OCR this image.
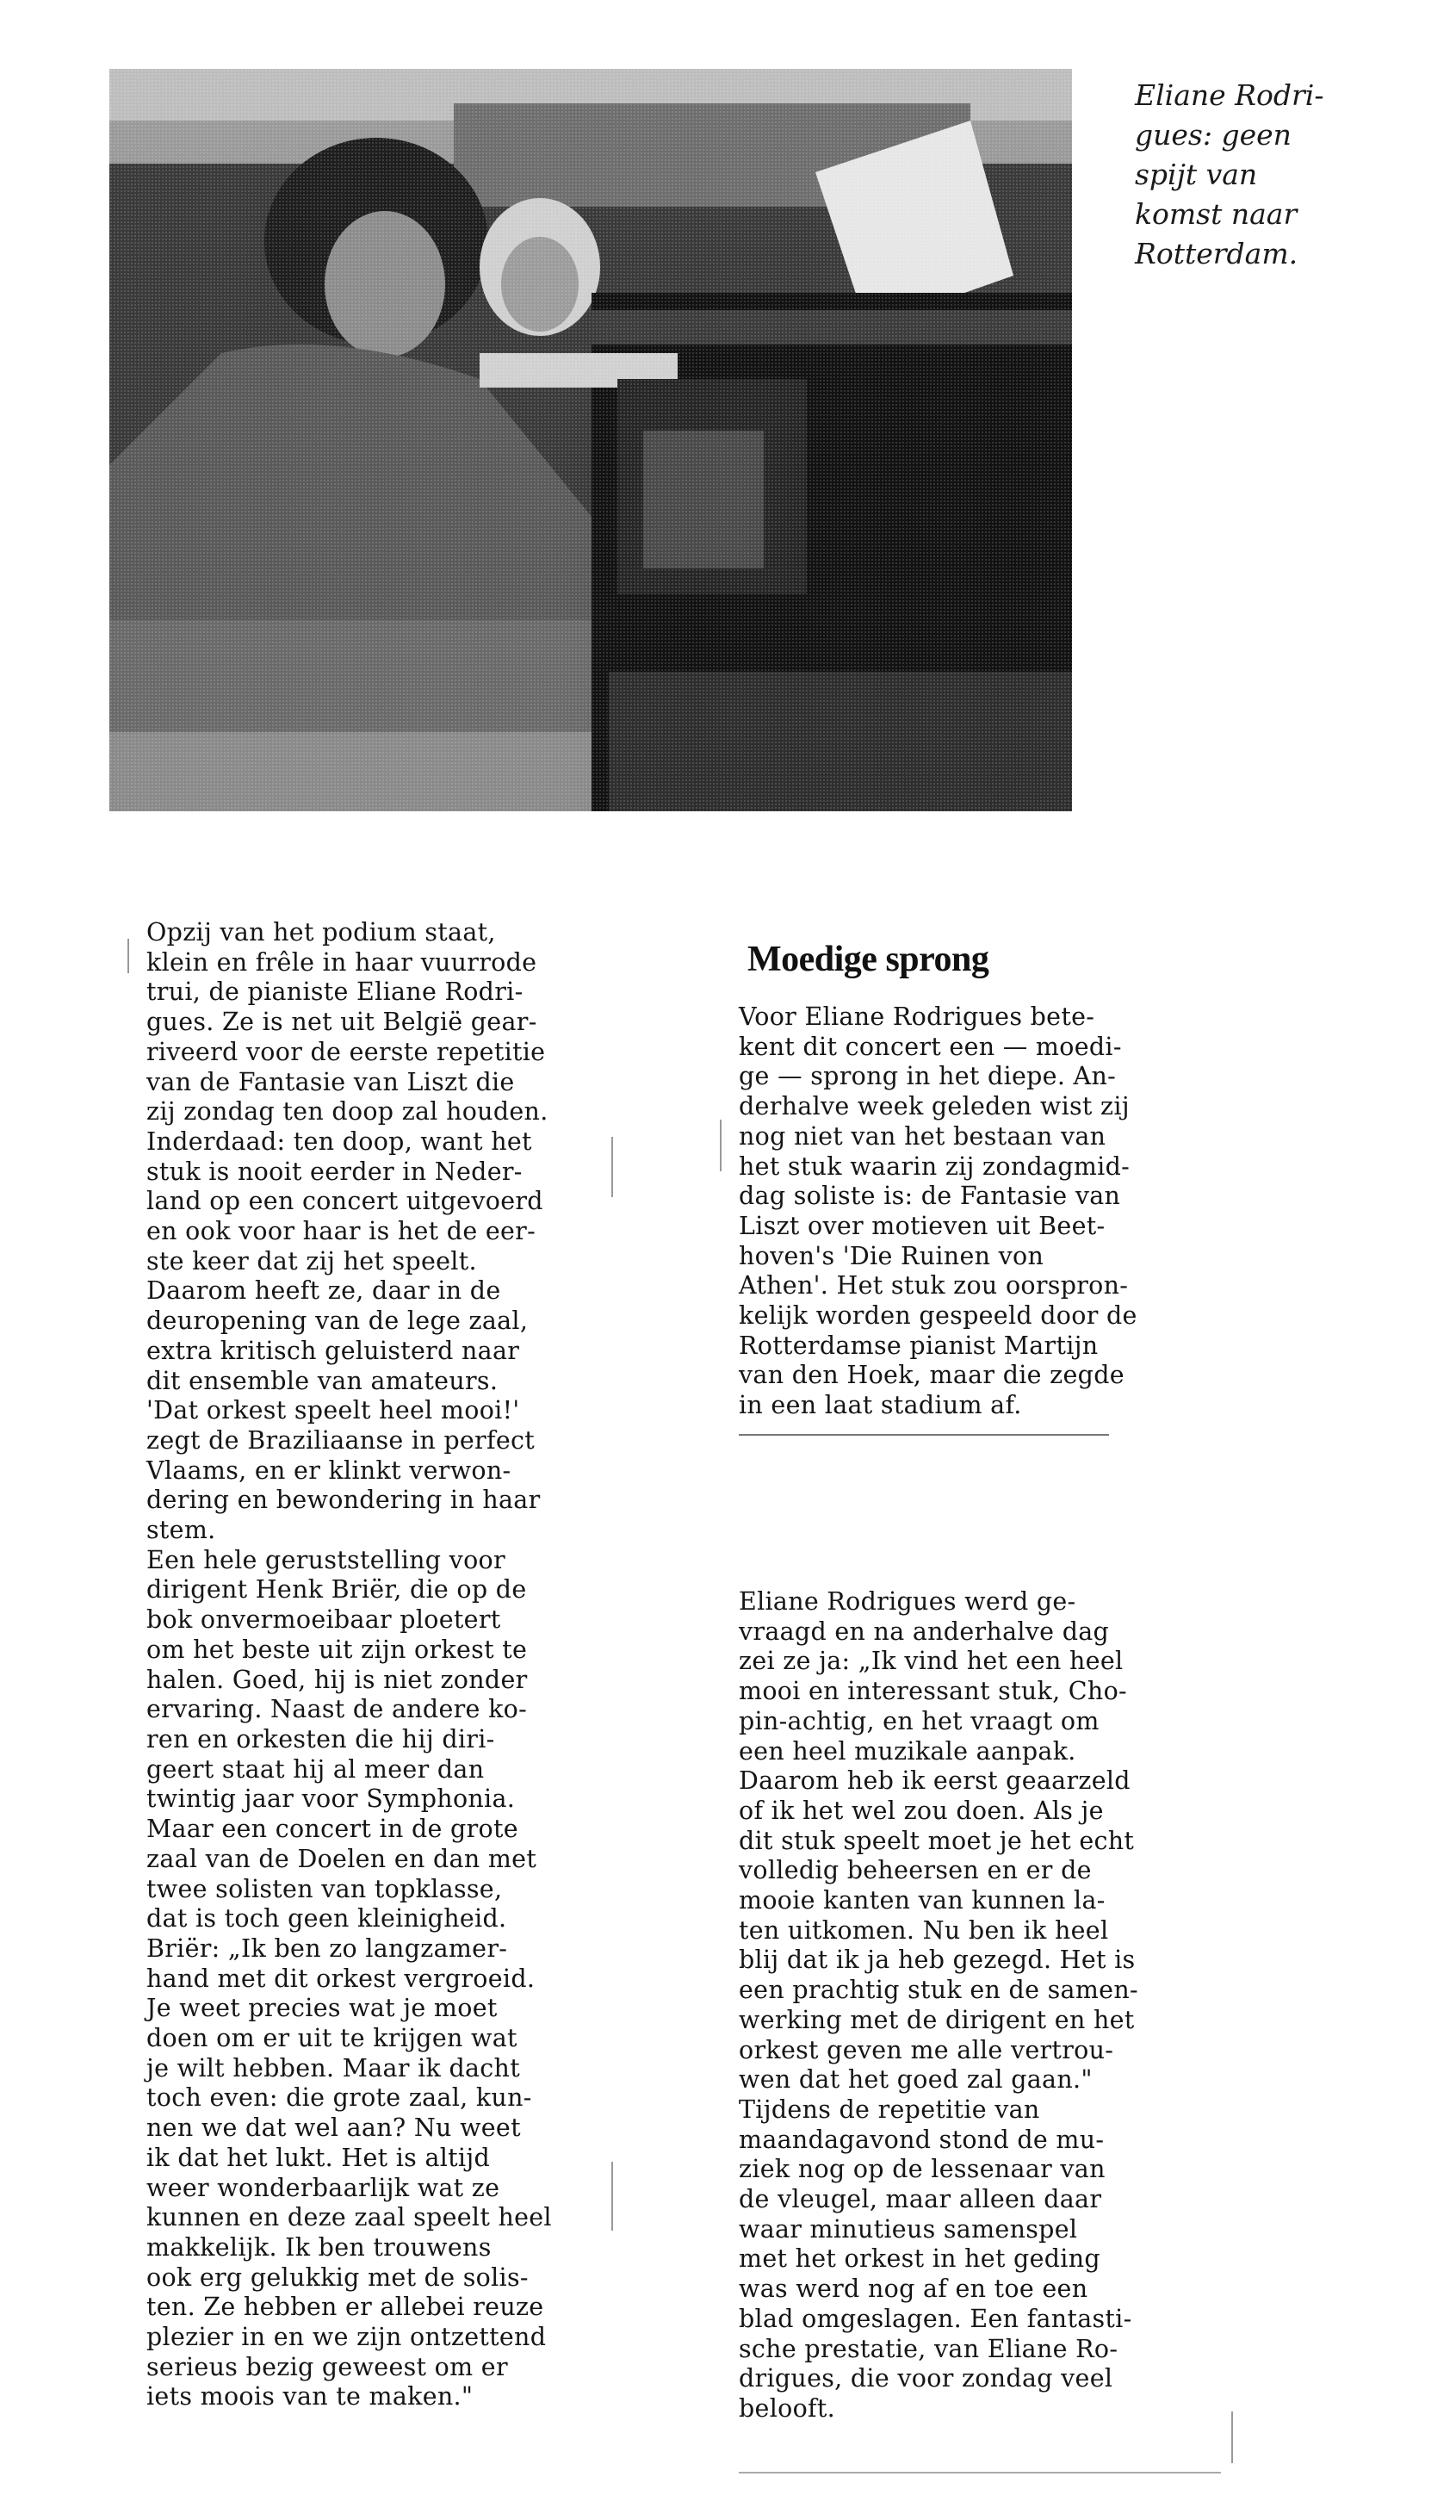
Eliane Rodri-
gues: geen
spijt van
komst naar
Rotterdam.
Opzij van het podium staat,
klein en frêle in haar vuurrode
trui, de pianiste Eliane Rodri-
gues. Ze is net uit België gear-
riveerd voor de eerste repetitie
van de Fantasie van Liszt die
zij zondag ten doop zal houden.
Inderdaad: ten doop, want het
stuk is nooit eerder in Neder-
land op een concert uitgevoerd
en ook voor haar is het de eer-
ste keer dat zij het speelt.
Daarom heeft ze, daar in de
deuropening van de lege zaal,
extra kritisch geluisterd naar
dit ensemble van amateurs.
'Dat orkest speelt heel mooi!'
zegt de Braziliaanse in perfect
Vlaams, en er klinkt verwon-
dering en bewondering in haar
stem.
Een hele geruststelling voor
dirigent Henk Briër, die op de
bok onvermoeibaar ploetert
om het beste uit zijn orkest te
halen. Goed, hij is niet zonder
ervaring. Naast de andere ko-
ren en orkesten die hij diri-
geert staat hij al meer dan
twintig jaar voor Symphonia.
Maar een concert in de grote
zaal van de Doelen en dan met
twee solisten van topklasse,
dat is toch geen kleinigheid.
Briër: „Ik ben zo langzamer-
hand met dit orkest vergroeid.
Je weet precies wat je moet
doen om er uit te krijgen wat
je wilt hebben. Maar ik dacht
toch even: die grote zaal, kun-
nen we dat wel aan? Nu weet
ik dat het lukt. Het is altijd
weer wonderbaarlijk wat ze
kunnen en deze zaal speelt heel
makkelijk. Ik ben trouwens
ook erg gelukkig met de solis-
ten. Ze hebben er allebei reuze
plezier in en we zijn ontzettend
serieus bezig geweest om er
iets moois van te maken."
Moedige sprong
Voor Eliane Rodrigues bete-
kent dit concert een — moedi-
ge — sprong in het diepe. An-
derhalve week geleden wist zij
nog niet van het bestaan van
het stuk waarin zij zondagmid-
dag soliste is: de Fantasie van
Liszt over motieven uit Beet-
hoven's 'Die Ruinen von
Athen'. Het stuk zou oorspron-
kelijk worden gespeeld door de
Rotterdamse pianist Martijn
van den Hoek, maar die zegde
in een laat stadium af.
Eliane Rodrigues werd ge-
vraagd en na anderhalve dag
zei ze ja: „Ik vind het een heel
mooi en interessant stuk, Cho-
pin-achtig, en het vraagt om
een heel muzikale aanpak.
Daarom heb ik eerst geaarzeld
of ik het wel zou doen. Als je
dit stuk speelt moet je het echt
volledig beheersen en er de
mooie kanten van kunnen la-
ten uitkomen. Nu ben ik heel
blij dat ik ja heb gezegd. Het is
een prachtig stuk en de samen-
werking met de dirigent en het
orkest geven me alle vertrou-
wen dat het goed zal gaan."
Tijdens de repetitie van
maandagavond stond de mu-
ziek nog op de lessenaar van
de vleugel, maar alleen daar
waar minutieus samenspel
met het orkest in het geding
was werd nog af en toe een
blad omgeslagen. Een fantasti-
sche prestatie, van Eliane Ro-
drigues, die voor zondag veel
belooft.
